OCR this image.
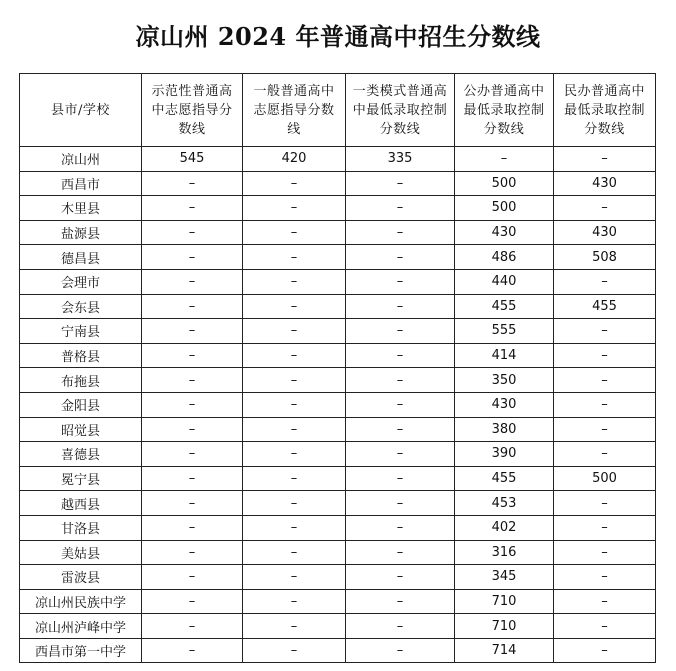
凉山州 2024 年普通高中招生分数线
县市/学校	示范性普通高中志愿指导分数线	一般普通高中志愿指导分数线	一类模式普通高中最低录取控制分数线	公办普通高中最低录取控制分数线	民办普通高中最低录取控制分数线
凉山州	545	420	335	–	–
西昌市	–	–	–	500	430
木里县	–	–	–	500	–
盐源县	–	–	–	430	430
德昌县	–	–	–	486	508
会理市	–	–	–	440	–
会东县	–	–	–	455	455
宁南县	–	–	–	555	–
普格县	–	–	–	414	–
布拖县	–	–	–	350	–
金阳县	–	–	–	430	–
昭觉县	–	–	–	380	–
喜德县	–	–	–	390	–
冕宁县	–	–	–	455	500
越西县	–	–	–	453	–
甘洛县	–	–	–	402	–
美姑县	–	–	–	316	–
雷波县	–	–	–	345	–
凉山州民族中学	–	–	–	710	–
凉山州泸峰中学	–	–	–	710	–
西昌市第一中学	–	–	–	714	–
